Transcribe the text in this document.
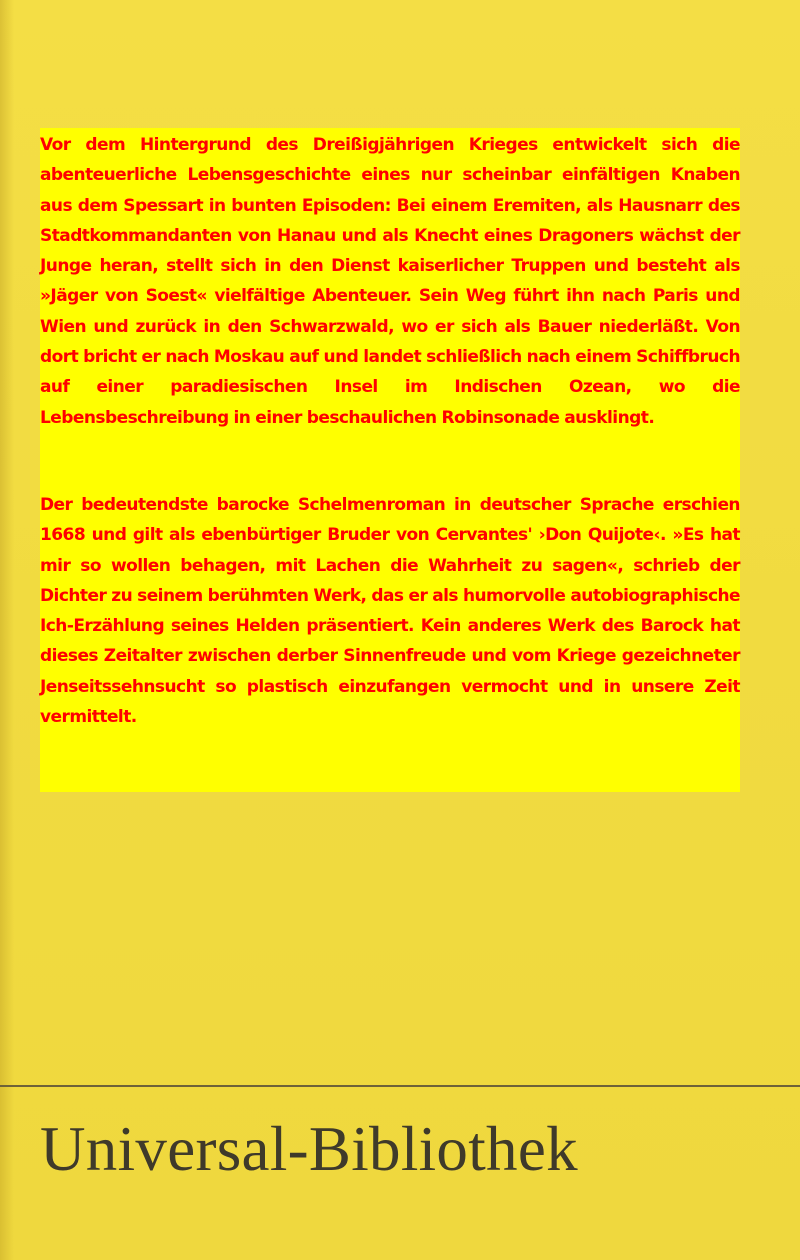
Vor dem Hintergrund des Dreißigjährigen Krieges entwickelt sich die abenteuerliche Lebensgeschichte eines nur scheinbar einfältigen Knaben aus dem Spessart in bunten Episoden: Bei einem Eremiten, als Hausnarr des Stadtkommandanten von Hanau und als Knecht eines Dragoners wächst der Junge heran, stellt sich in den Dienst kaiserlicher Truppen und besteht als »Jäger von Soest« vielfältige Abenteuer. Sein Weg führt ihn nach Paris und Wien und zurück in den Schwarzwald, wo er sich als Bauer niederläßt. Von dort bricht er nach Moskau auf und landet schließlich nach einem Schiffbruch auf einer paradiesischen Insel im Indischen Ozean, wo die Lebensbeschreibung in einer beschaulichen Robinsonade ausklingt.

Der bedeutendste barocke Schelmenroman in deutscher Sprache erschien 1668 und gilt als ebenbürtiger Bruder von Cervantes' ›Don Quijote‹. »Es hat mir so wollen behagen, mit Lachen die Wahrheit zu sagen«, schrieb der Dichter zu seinem berühmten Werk, das er als humorvolle autobiographische Ich-Erzählung seines Helden präsentiert. Kein anderes Werk des Barock hat dieses Zeitalter zwischen derber Sinnenfreude und vom Kriege gezeichneter Jenseitssehnsucht so plastisch einzufangen vermocht und in unsere Zeit vermittelt.

Universal-Bibliothek
